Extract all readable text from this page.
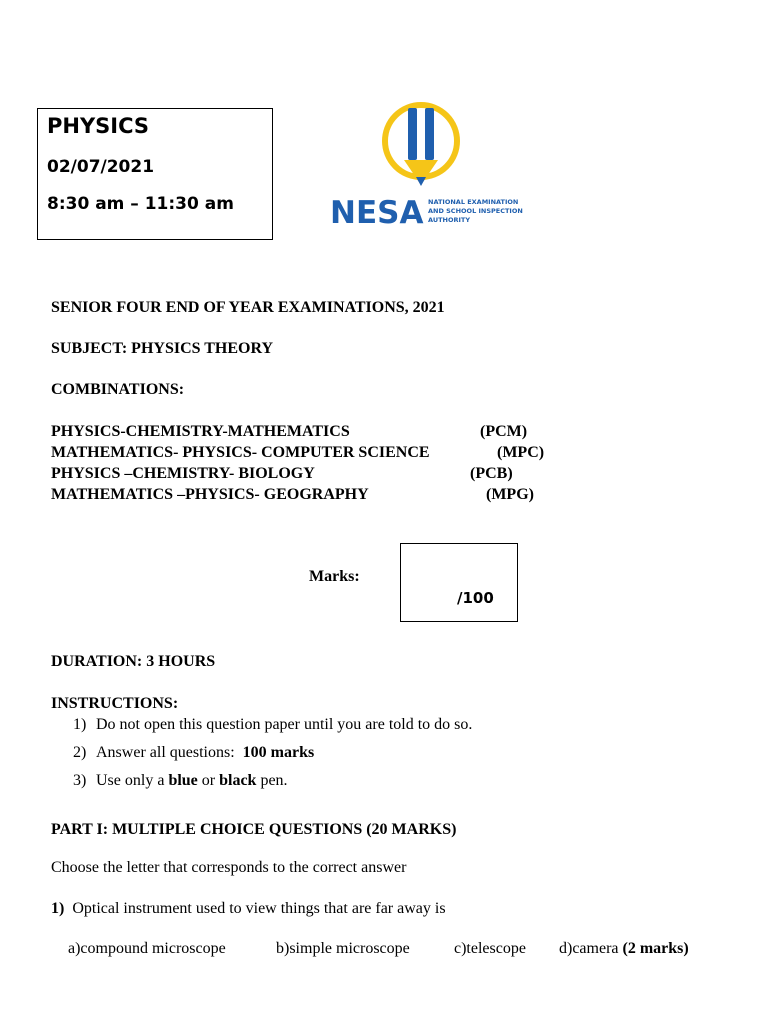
PHYSICS
02/07/2021
8:30 am – 11:30 am	NESA NATIONAL EXAMINATION
AND SCHOOL INSPECTION
AUTHORITY
SENIOR FOUR END OF YEAR EXAMINATIONS, 2021
SUBJECT: PHYSICS THEORY
COMBINATIONS:
PHYSICS-CHEMISTRY-MATHEMATICS	(PCM)
MATHEMATICS- PHYSICS- COMPUTER SCIENCE	(MPC)
PHYSICS –CHEMISTRY- BIOLOGY	(PCB)
MATHEMATICS –PHYSICS- GEOGRAPHY	(MPG)
Marks:
/100
DURATION: 3 HOURS
INSTRUCTIONS:
1) Do not open this question paper until you are told to do so.
2) Answer all questions: 100 marks
3) Use only a blue or black pen.
PART I: MULTIPLE CHOICE QUESTIONS (20 MARKS)
Choose the letter that corresponds to the correct answer
1) Optical instrument used to view things that are far away is
a)compound microscope	b)simple microscope	c)telescope d)camera (2 marks)
